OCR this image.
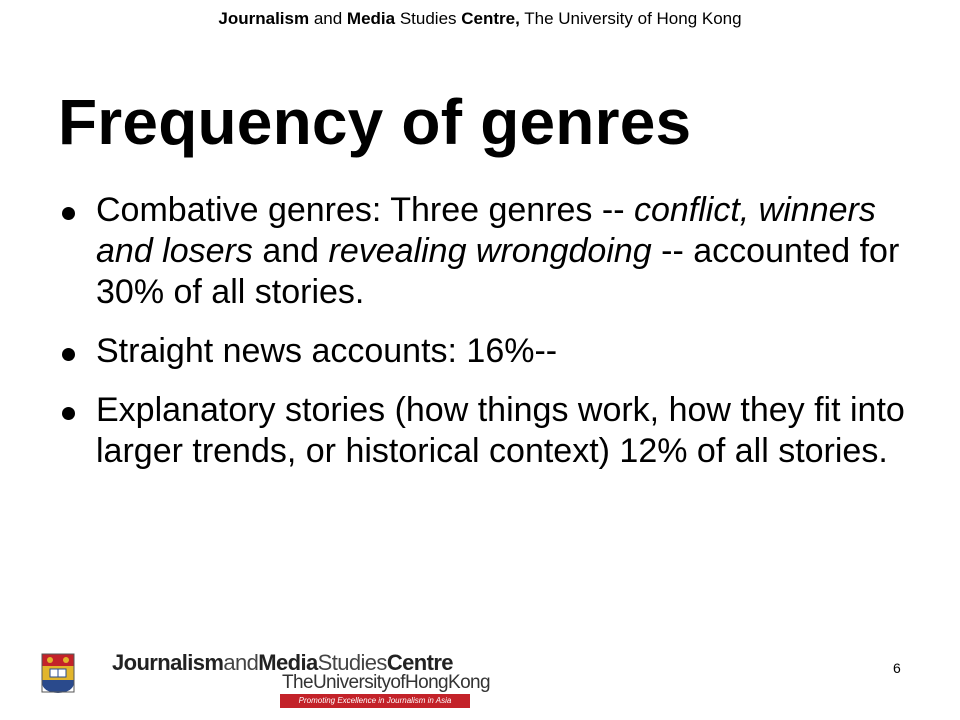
Journalism and Media Studies Centre, The University of Hong Kong
Frequency of genres
Combative genres: Three genres -- conflict, winners and losers and revealing wrongdoing -- accounted for 30% of all stories.
Straight news accounts: 16%--
Explanatory stories (how things work, how they fit into larger trends, or historical context) 12% of all stories.
JournalismandMediaStudiesCentre
TheUniversityofHongKong
Promoting Excellence in Journalism in Asia
6
